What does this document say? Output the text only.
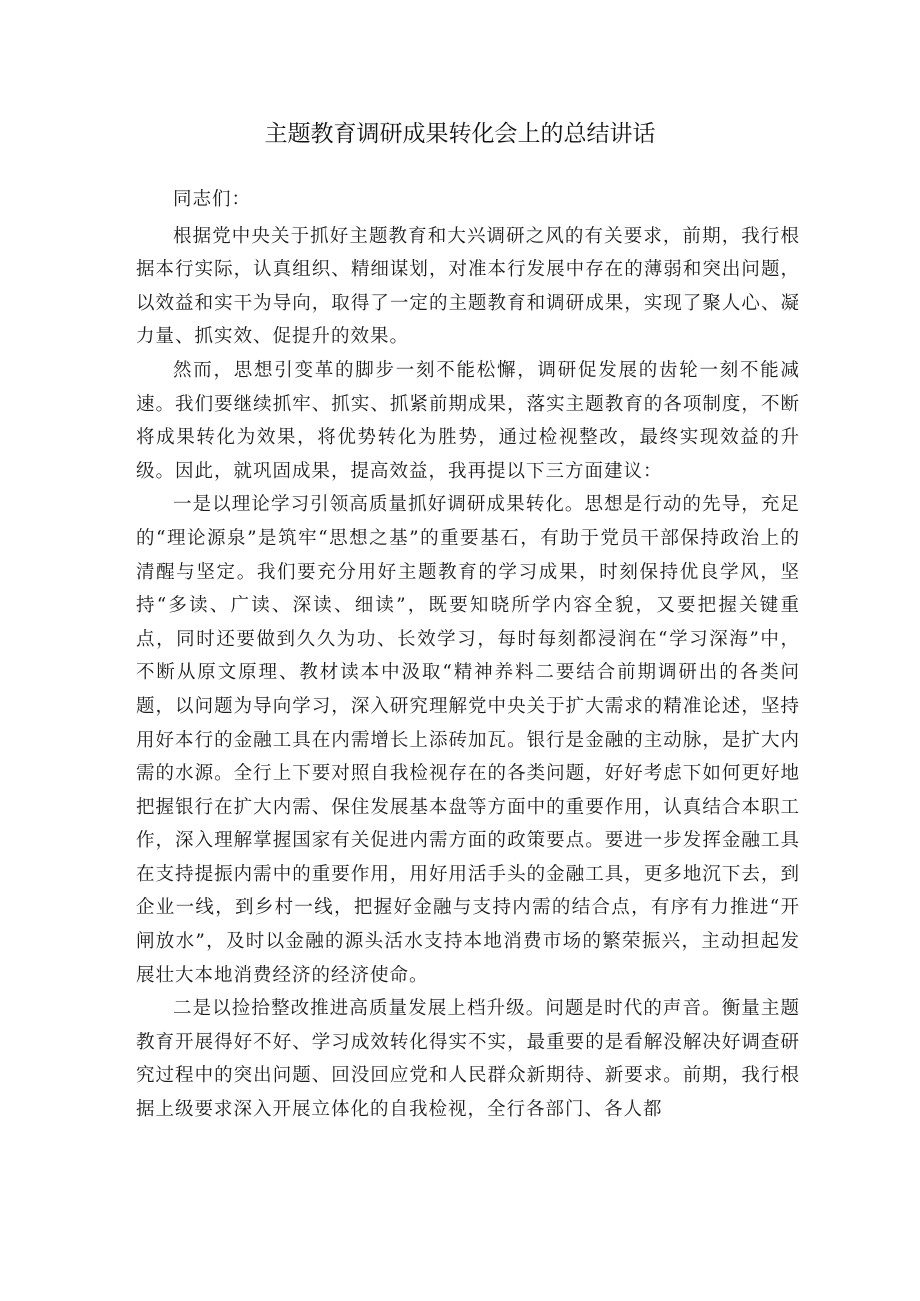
主题教育调研成果转化会上的总结讲话

同志们：

根据党中央关于抓好主题教育和大兴调研之风的有关要求，前期，我行根据本行实际，认真组织、精细谋划，对准本行发展中存在的薄弱和突出问题，以效益和实干为导向，取得了一定的主题教育和调研成果，实现了聚人心、凝力量、抓实效、促提升的效果。

然而，思想引变革的脚步一刻不能松懈，调研促发展的齿轮一刻不能减速。我们要继续抓牢、抓实、抓紧前期成果，落实主题教育的各项制度，不断将成果转化为效果，将优势转化为胜势，通过检视整改，最终实现效益的升级。因此，就巩固成果，提高效益，我再提以下三方面建议：

一是以理论学习引领高质量抓好调研成果转化。思想是行动的先导，充足的“理论源泉”是筑牢“思想之基”的重要基石，有助于党员干部保持政治上的清醒与坚定。我们要充分用好主题教育的学习成果，时刻保持优良学风，坚持“多读、广读、深读、细读”，既要知晓所学内容全貌，又要把握关键重点，同时还要做到久久为功、长效学习，每时每刻都浸润在“学习深海”中，不断从原文原理、教材读本中汲取“精神养料二要结合前期调研出的各类问题，以问题为导向学习，深入研究理解党中央关于扩大需求的精准论述，坚持用好本行的金融工具在内需增长上添砖加瓦。银行是金融的主动脉，是扩大内需的水源。全行上下要对照自我检视存在的各类问题，好好考虑下如何更好地把握银行在扩大内需、保住发展基本盘等方面中的重要作用，认真结合本职工作，深入理解掌握国家有关促进内需方面的政策要点。要进一步发挥金融工具在支持提振内需中的重要作用，用好用活手头的金融工具，更多地沉下去，到企业一线，到乡村一线，把握好金融与支持内需的结合点，有序有力推进“开闸放水”，及时以金融的源头活水支持本地消费市场的繁荣振兴，主动担起发展壮大本地消费经济的经济使命。

二是以捡拾整改推进高质量发展上档升级。问题是时代的声音。衡量主题教育开展得好不好、学习成效转化得实不实，最重要的是看解没解决好调查研究过程中的突出问题、回没回应党和人民群众新期待、新要求。前期，我行根据上级要求深入开展立体化的自我检视，全行各部门、各人都
